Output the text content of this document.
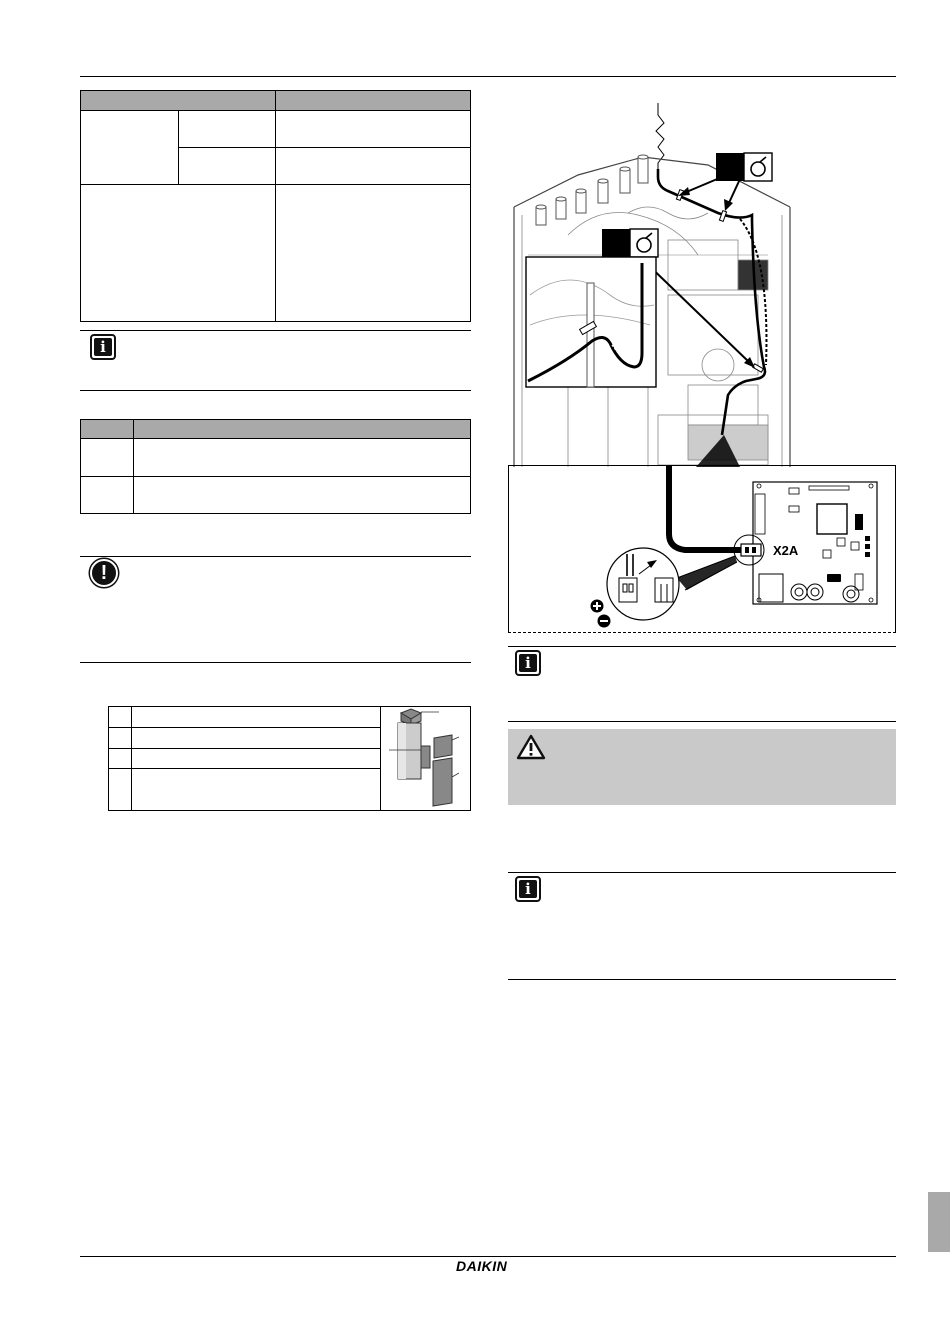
i
!
X2A
i
i
DAIKIN
